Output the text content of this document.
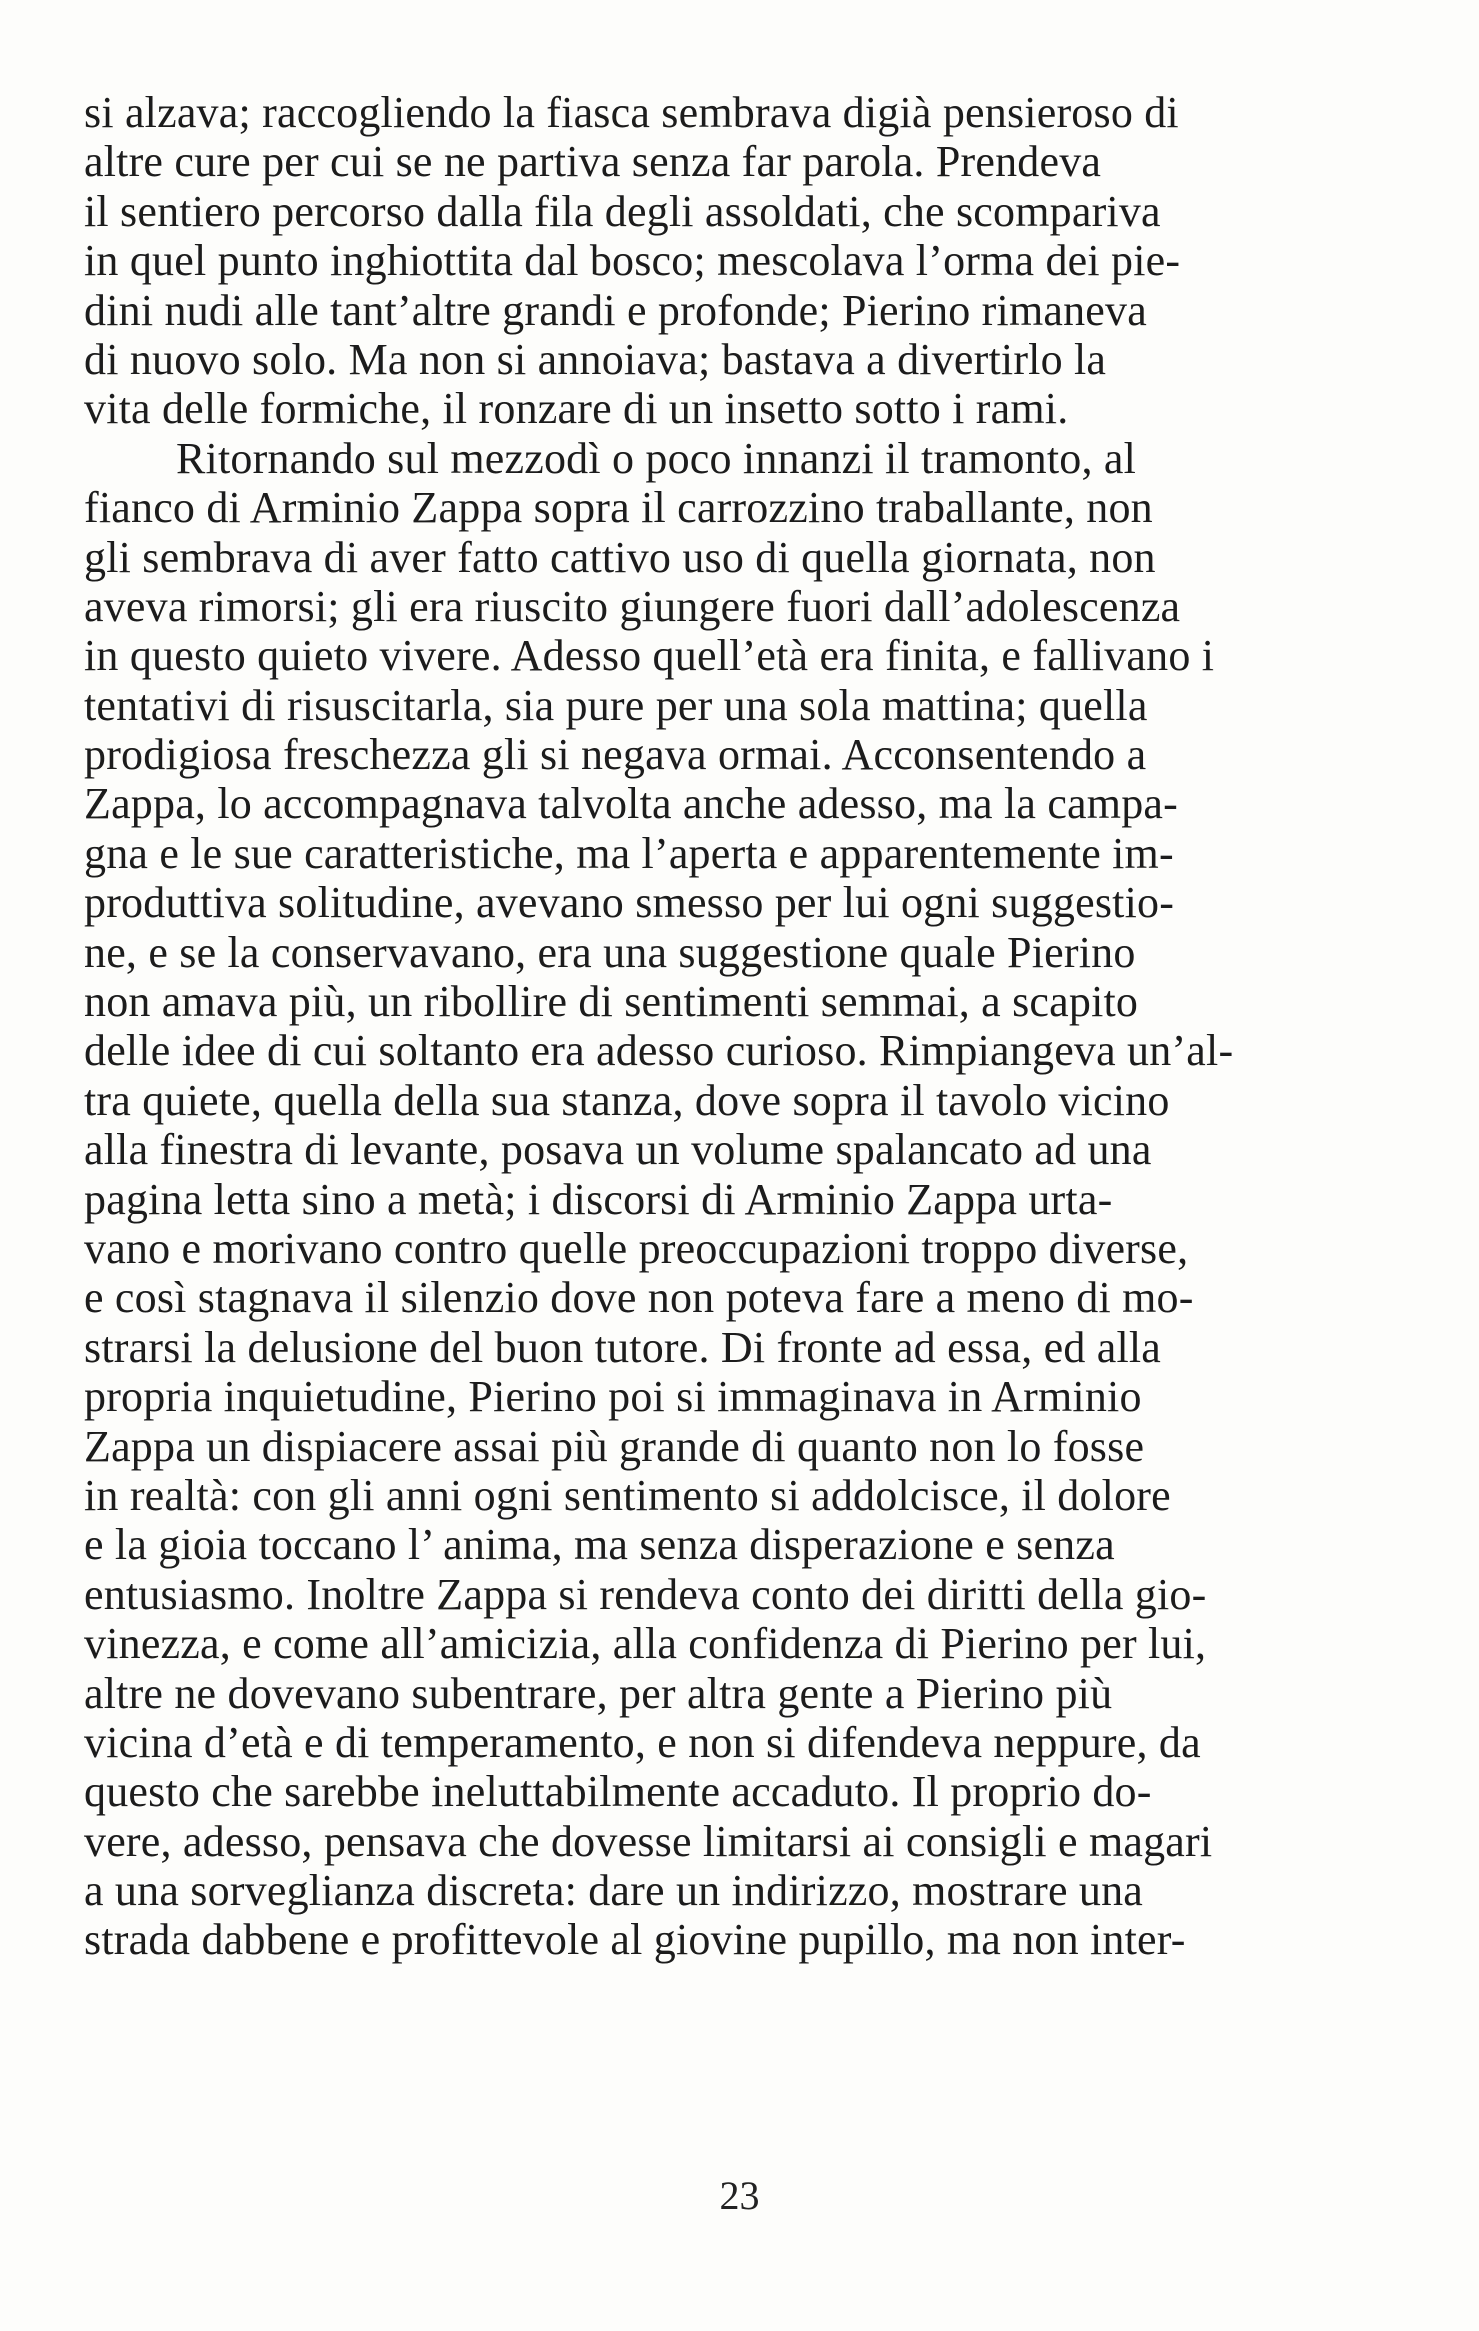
si alzava; raccogliendo la fiasca sembrava digià pensieroso di
altre cure per cui se ne partiva senza far parola. Prendeva
il sentiero percorso dalla fila degli assoldati, che scompariva
in quel punto inghiottita dal bosco; mescolava l’orma dei pie-
dini nudi alle tant’altre grandi e profonde; Pierino rimaneva
di nuovo solo. Ma non si annoiava; bastava a divertirlo la
vita delle formiche, il ronzare di un insetto sotto i rami.
Ritornando sul mezzodì o poco innanzi il tramonto, al
fianco di Arminio Zappa sopra il carrozzino traballante, non
gli sembrava di aver fatto cattivo uso di quella giornata, non
aveva rimorsi; gli era riuscito giungere fuori dall’adolescenza
in questo quieto vivere. Adesso quell’età era finita, e fallivano i
tentativi di risuscitarla, sia pure per una sola mattina; quella
prodigiosa freschezza gli si negava ormai. Acconsentendo a
Zappa, lo accompagnava talvolta anche adesso, ma la campa-
gna e le sue caratteristiche, ma l’aperta e apparentemente im-
produttiva solitudine, avevano smesso per lui ogni suggestio-
ne, e se la conservavano, era una suggestione quale Pierino
non amava più, un ribollire di sentimenti semmai, a scapito
delle idee di cui soltanto era adesso curioso. Rimpiangeva un’al-
tra quiete, quella della sua stanza, dove sopra il tavolo vicino
alla finestra di levante, posava un volume spalancato ad una
pagina letta sino a metà; i discorsi di Arminio Zappa urta-
vano e morivano contro quelle preoccupazioni troppo diverse,
e così stagnava il silenzio dove non poteva fare a meno di mo-
strarsi la delusione del buon tutore. Di fronte ad essa, ed alla
propria inquietudine, Pierino poi si immaginava in Arminio
Zappa un dispiacere assai più grande di quanto non lo fosse
in realtà: con gli anni ogni sentimento si addolcisce, il dolore
e la gioia toccano l’ anima, ma senza disperazione e senza
entusiasmo. Inoltre Zappa si rendeva conto dei diritti della gio-
vinezza, e come all’amicizia, alla confidenza di Pierino per lui,
altre ne dovevano subentrare, per altra gente a Pierino più
vicina d’età e di temperamento, e non si difendeva neppure, da
questo che sarebbe ineluttabilmente accaduto. Il proprio do-
vere, adesso, pensava che dovesse limitarsi ai consigli e magari
a una sorveglianza discreta: dare un indirizzo, mostrare una
strada dabbene e profittevole al giovine pupillo, ma non inter-
23
